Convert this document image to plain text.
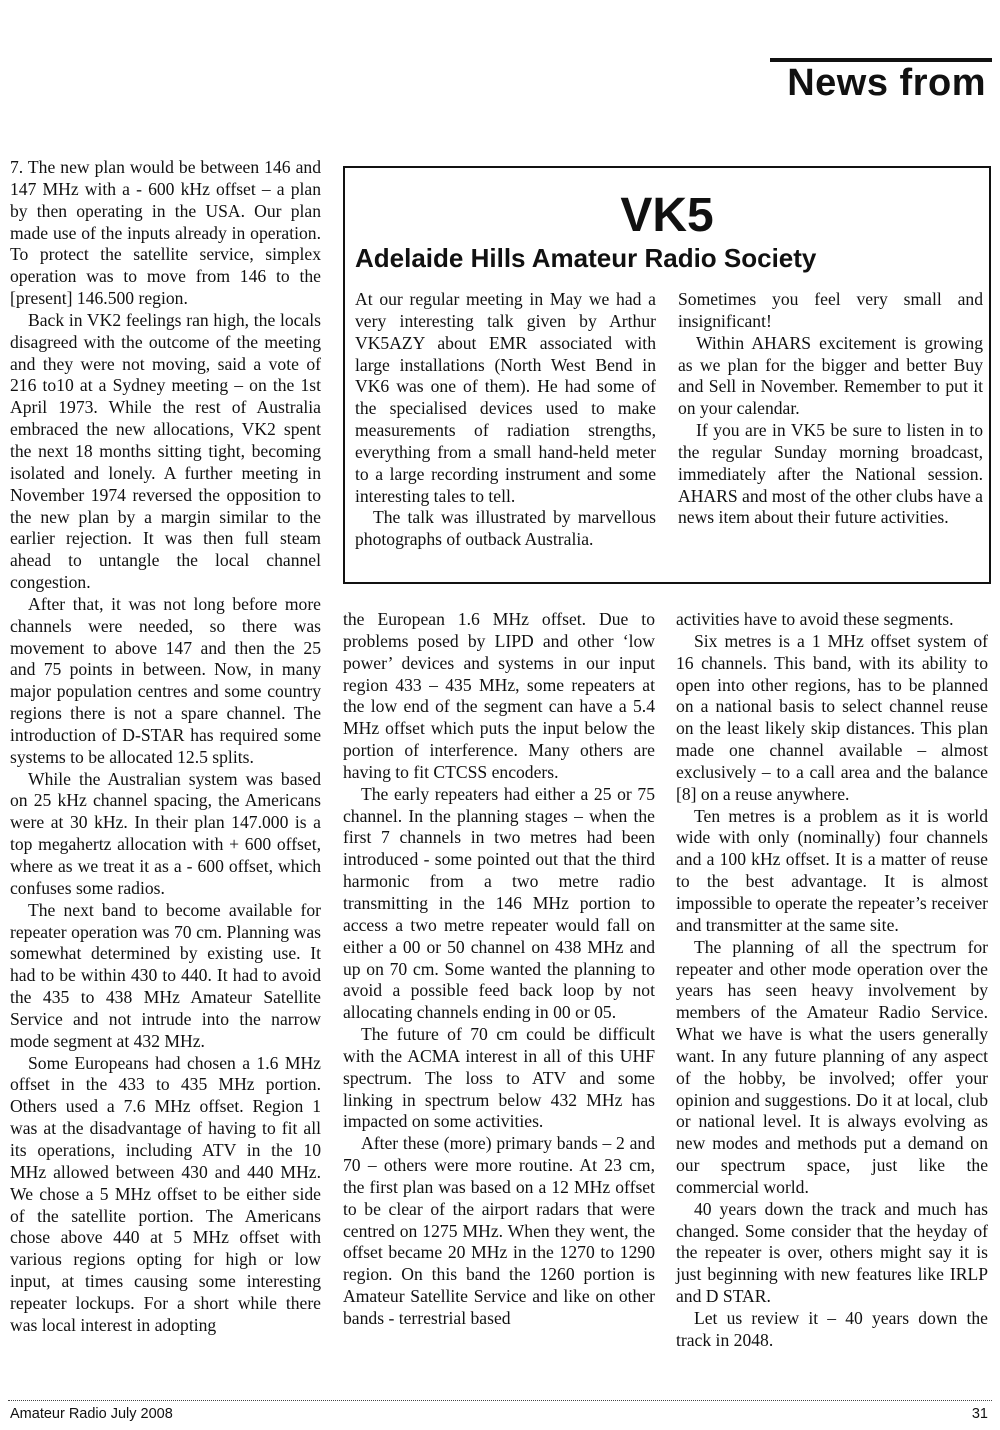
News from

7. The new plan would be between 146 and 147 MHz with a - 600 kHz offset – a plan by then operating in the USA. Our plan made use of the inputs already in operation. To protect the satellite service, simplex operation was to move from 146 to the [present] 146.500 region.

Back in VK2 feelings ran high, the locals disagreed with the outcome of the meeting and they were not moving, said a vote of 216 to10 at a Sydney meeting – on the 1st April 1973. While the rest of Australia embraced the new allocations, VK2 spent the next 18 months sitting tight, becoming isolated and lonely. A further meeting in November 1974 reversed the opposition to the new plan by a margin similar to the earlier rejection. It was then full steam ahead to untangle the local channel congestion.

After that, it was not long before more channels were needed, so there was movement to above 147 and then the 25 and 75 points in between. Now, in many major population centres and some country regions there is not a spare channel. The introduction of D-STAR has required some systems to be allocated 12.5 splits.

While the Australian system was based on 25 kHz channel spacing, the Americans were at 30 kHz. In their plan 147.000 is a top megahertz allocation with + 600 offset, where as we treat it as a - 600 offset, which confuses some radios.

The next band to become available for repeater operation was 70 cm. Planning was somewhat determined by existing use. It had to be within 430 to 440. It had to avoid the 435 to 438 MHz Amateur Satellite Service and not intrude into the narrow mode segment at 432 MHz.

Some Europeans had chosen a 1.6 MHz offset in the 433 to 435 MHz portion. Others used a 7.6 MHz offset. Region 1 was at the disadvantage of having to fit all its operations, including ATV in the 10 MHz allowed between 430 and 440 MHz. We chose a 5 MHz offset to be either side of the satellite portion. The Americans chose above 440 at 5 MHz offset with various regions opting for high or low input, at times causing some interesting repeater lockups. For a short while there was local interest in adopting

VK5
Adelaide Hills Amateur Radio Society

At our regular meeting in May we had a very interesting talk given by Arthur VK5AZY about EMR associated with large installations (North West Bend in VK6 was one of them). He had some of the specialised devices used to make measurements of radiation strengths, everything from a small hand-held meter to a large recording instrument and some interesting tales to tell.

The talk was illustrated by marvellous photographs of outback Australia.

Sometimes you feel very small and insignificant!

Within AHARS excitement is growing as we plan for the bigger and better Buy and Sell in November. Remember to put it on your calendar.

If you are in VK5 be sure to listen in to the regular Sunday morning broadcast, immediately after the National session. AHARS and most of the other clubs have a news item about their future activities.

the European 1.6 MHz offset. Due to problems posed by LIPD and other ‘low power’ devices and systems in our input region 433 – 435 MHz, some repeaters at the low end of the segment can have a 5.4 MHz offset which puts the input below the portion of interference. Many others are having to fit CTCSS encoders.

The early repeaters had either a 25 or 75 channel. In the planning stages – when the first 7 channels in two metres had been introduced - some pointed out that the third harmonic from a two metre radio transmitting in the 146 MHz portion to access a two metre repeater would fall on either a 00 or 50 channel on 438 MHz and up on 70 cm. Some wanted the planning to avoid a possible feed back loop by not allocating channels ending in 00 or 05.

The future of 70 cm could be difficult with the ACMA interest in all of this UHF spectrum. The loss to ATV and some linking in spectrum below 432 MHz has impacted on some activities.

After these (more) primary bands – 2 and 70 – others were more routine. At 23 cm, the first plan was based on a 12 MHz offset to be clear of the airport radars that were centred on 1275 MHz. When they went, the offset became 20 MHz in the 1270 to 1290 region. On this band the 1260 portion is Amateur Satellite Service and like on other bands - terrestrial based

activities have to avoid these segments.

Six metres is a 1 MHz offset system of 16 channels. This band, with its ability to open into other regions, has to be planned on a national basis to select channel reuse on the least likely skip distances. This plan made one channel available – almost exclusively – to a call area and the balance [8] on a reuse anywhere.

Ten metres is a problem as it is world wide with only (nominally) four channels and a 100 kHz offset. It is a matter of reuse to the best advantage. It is almost impossible to operate the repeater’s receiver and transmitter at the same site.

The planning of all the spectrum for repeater and other mode operation over the years has seen heavy involvement by members of the Amateur Radio Service. What we have is what the users generally want. In any future planning of any aspect of the hobby, be involved; offer your opinion and suggestions. Do it at local, club or national level. It is always evolving as new modes and methods put a demand on our spectrum space, just like the commercial world.

40 years down the track and much has changed. Some consider that the heyday of the repeater is over, others might say it is just beginning with new features like IRLP and D STAR.

Let us review it – 40 years down the track in 2048.

Amateur Radio July 2008	31
